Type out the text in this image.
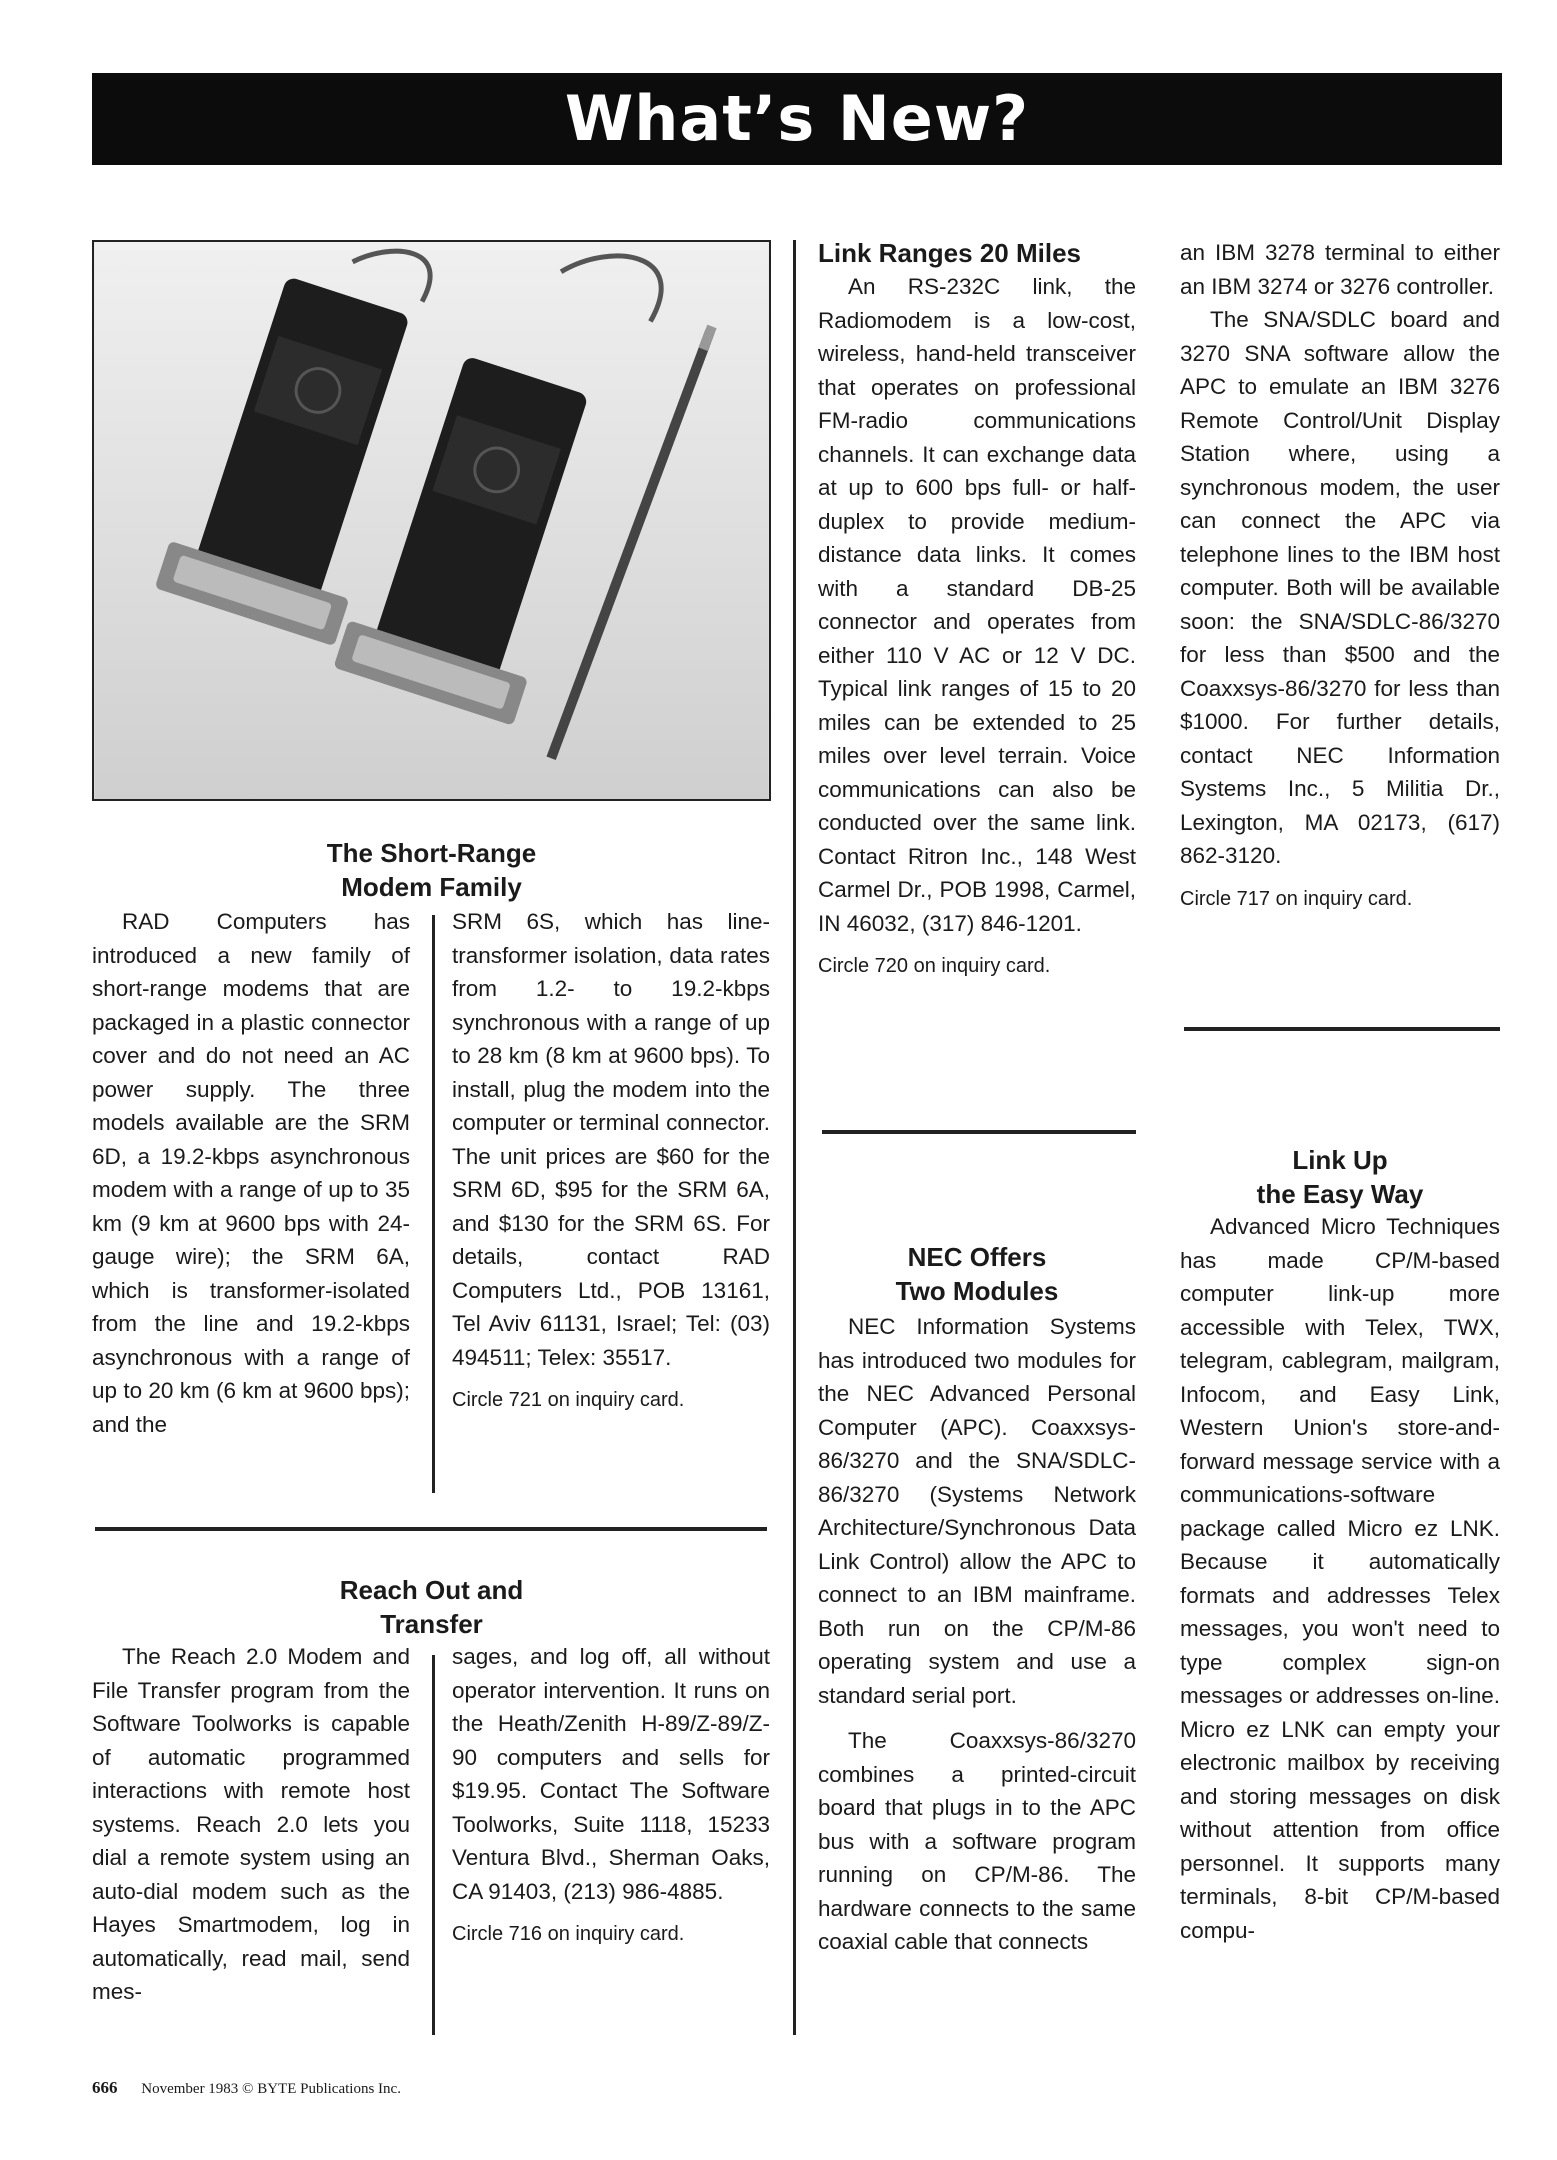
What’s New?
The Short-Range
Modem Family

RAD Computers has introduced a new family of short-range modems that are packaged in a plastic connector cover and do not need an AC power supply. The three models available are the SRM 6D, a 19.2-kbps asynchronous modem with a range of up to 35 km (9 km at 9600 bps with 24-gauge wire); the SRM 6A, which is transformer-isolated from the line and 19.2-kbps asynchronous with a range of up to 20 km (6 km at 9600 bps); and the

SRM 6S, which has line-transformer isolation, data rates from 1.2- to 19.2-kbps synchronous with a range of up to 28 km (8 km at 9600 bps). To install, plug the modem into the computer or terminal connector. The unit prices are $60 for the SRM 6D, $95 for the SRM 6A, and $130 for the SRM 6S. For details, contact RAD Computers Ltd., POB 13161, Tel Aviv 61131, Israel; Tel: (03) 494511; Telex: 35517.

Circle 721 on inquiry card.

Reach Out and
Transfer

The Reach 2.0 Modem and File Transfer program from the Software Toolworks is capable of automatic programmed interactions with remote host systems. Reach 2.0 lets you dial a remote system using an auto-dial modem such as the Hayes Smartmodem, log in automatically, read mail, send mes-

sages, and log off, all without operator intervention. It runs on the Heath/Zenith H-89/Z-89/Z-90 computers and sells for $19.95. Contact The Software Toolworks, Suite 1118, 15233 Ventura Blvd., Sherman Oaks, CA 91403, (213) 986-4885.

Circle 716 on inquiry card.

Link Ranges 20 Miles

An RS-232C link, the Radiomodem is a low-cost, wireless, hand-held transceiver that operates on professional FM-radio communications channels. It can exchange data at up to 600 bps full- or half-duplex to provide medium-distance data links. It comes with a standard DB-25 connector and operates from either 110 V AC or 12 V DC. Typical link ranges of 15 to 20 miles can be extended to 25 miles over level terrain. Voice communications can also be conducted over the same link. Contact Ritron Inc., 148 West Carmel Dr., POB 1998, Carmel, IN 46032, (317) 846-1201.

Circle 720 on inquiry card.

NEC Offers
Two Modules

NEC Information Systems has introduced two modules for the NEC Advanced Personal Computer (APC). Coaxxsys-86/3270 and the SNA/SDLC-86/3270 (Systems Network Architecture/Synchronous Data Link Control) allow the APC to connect to an IBM mainframe. Both run on the CP/M-86 operating system and use a standard serial port.

The Coaxxsys-86/3270 combines a printed-circuit board that plugs in to the APC bus with a software program running on CP/M-86. The hardware connects to the same coaxial cable that connects

an IBM 3278 terminal to either an IBM 3274 or 3276 controller.

The SNA/SDLC board and 3270 SNA software allow the APC to emulate an IBM 3276 Remote Control/Unit Display Station where, using a synchronous modem, the user can connect the APC via telephone lines to the IBM host computer. Both will be available soon: the SNA/SDLC-86/3270 for less than $500 and the Coaxxsys-86/3270 for less than $1000. For further details, contact NEC Information Systems Inc., 5 Militia Dr., Lexington, MA 02173, (617) 862-3120.

Circle 717 on inquiry card.

Link Up
the Easy Way

Advanced Micro Techniques has made CP/M-based computer link-up more accessible with Telex, TWX, telegram, cablegram, mailgram, Infocom, and Easy Link, Western Union's store-and-forward message service with a communications-software package called Micro ez LNK. Because it automatically formats and addresses Telex messages, you won't need to type complex sign-on messages or addresses on-line. Micro ez LNK can empty your electronic mailbox by receiving and storing messages on disk without attention from office personnel. It supports many terminals, 8-bit CP/M-based compu-

666 November 1983 © BYTE Publications Inc.
